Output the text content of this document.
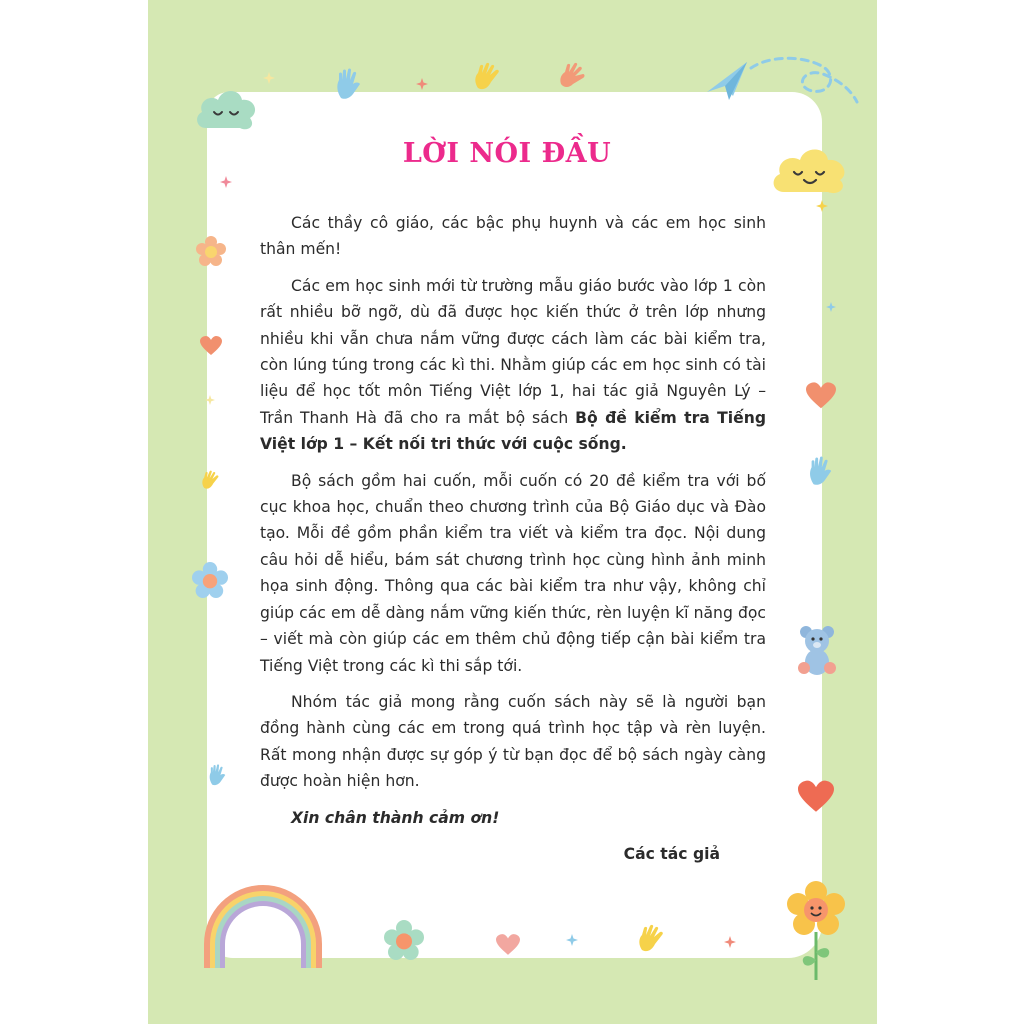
LỜI NÓI ĐẦU

Các thầy cô giáo, các bậc phụ huynh và các em học sinh thân mến!

Các em học sinh mới từ trường mẫu giáo bước vào lớp 1 còn rất nhiều bỡ ngỡ, dù đã được học kiến thức ở trên lớp nhưng nhiều khi vẫn chưa nắm vững được cách làm các bài kiểm tra, còn lúng túng trong các kì thi. Nhằm giúp các em học sinh có tài liệu để học tốt môn Tiếng Việt lớp 1, hai tác giả Nguyên Lý – Trần Thanh Hà đã cho ra mắt bộ sách Bộ đề kiểm tra Tiếng Việt lớp 1 – Kết nối tri thức với cuộc sống.

Bộ sách gồm hai cuốn, mỗi cuốn có 20 đề kiểm tra với bố cục khoa học, chuẩn theo chương trình của Bộ Giáo dục và Đào tạo. Mỗi đề gồm phần kiểm tra viết và kiểm tra đọc. Nội dung câu hỏi dễ hiểu, bám sát chương trình học cùng hình ảnh minh họa sinh động. Thông qua các bài kiểm tra như vậy, không chỉ giúp các em dễ dàng nắm vững kiến thức, rèn luyện kĩ năng đọc – viết mà còn giúp các em thêm chủ động tiếp cận bài kiểm tra Tiếng Việt trong các kì thi sắp tới.

Nhóm tác giả mong rằng cuốn sách này sẽ là người bạn đồng hành cùng các em trong quá trình học tập và rèn luyện. Rất mong nhận được sự góp ý từ bạn đọc để bộ sách ngày càng được hoàn hiện hơn.

Xin chân thành cảm ơn!

Các tác giả
